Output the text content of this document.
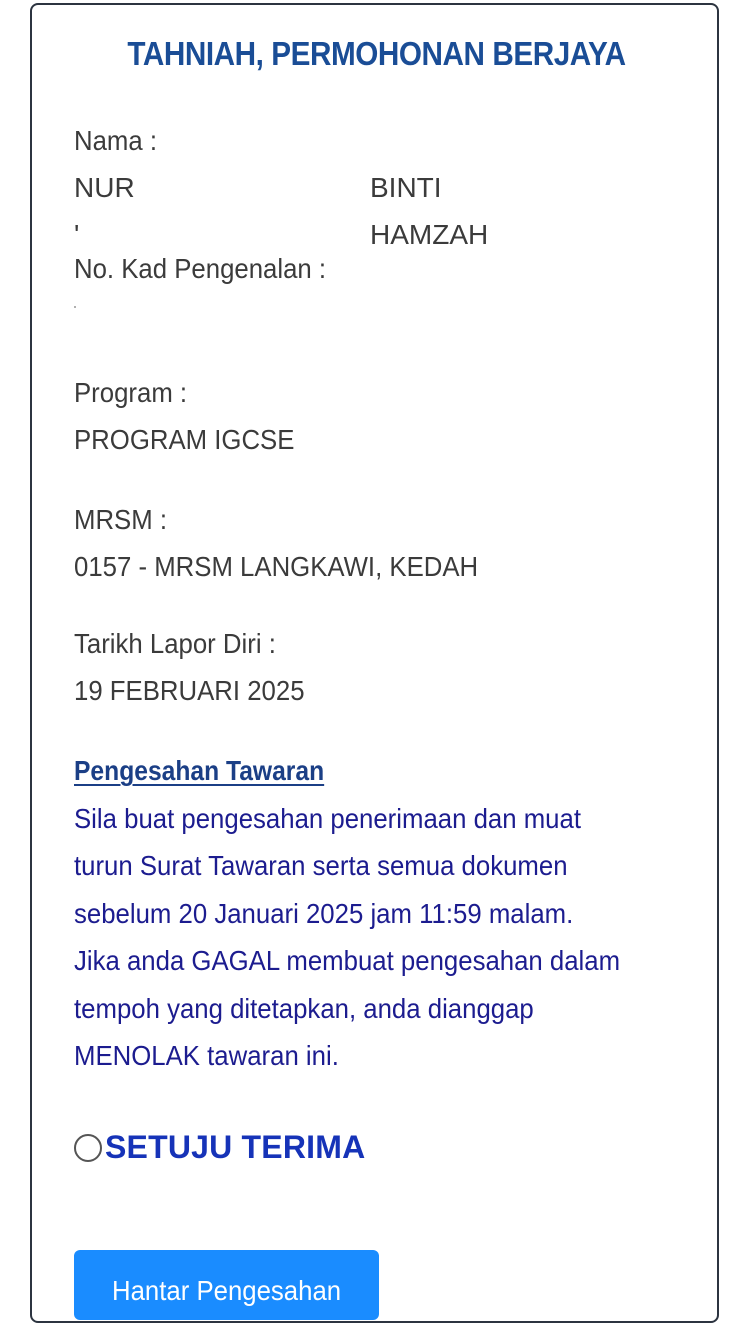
TAHNIAH, PERMOHONAN BERJAYA
Nama :
NUR '
BINTI HAMZAH
No. Kad Pengenalan :
Program :
PROGRAM IGCSE
MRSM :
0157 - MRSM LANGKAWI, KEDAH
Tarikh Lapor Diri :
19 FEBRUARI 2025
Pengesahan Tawaran

Sila buat pengesahan penerimaan dan muat
turun Surat Tawaran serta semua dokumen
sebelum 20 Januari 2025 jam 11:59 malam.
Jika anda GAGAL membuat pengesahan dalam
tempoh yang ditetapkan, anda dianggap
MENOLAK tawaran ini.

SETUJU TERIMA
Hantar Pengesahan
